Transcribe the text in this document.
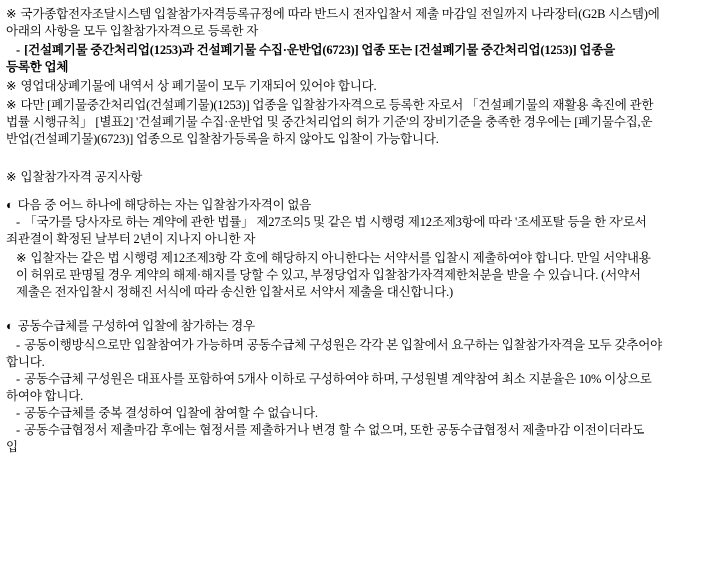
※ 국가종합전자조달시스템 입찰참가자격등록규정에 따라 반드시 전자입찰서 제출 마감일 전일까지 나라장터(G2B 시스템)에
아래의 사항을 모두 입찰참가자격으로 등록한 자
- [건설폐기물 중간처리업(1253)과 건설폐기물 수집·운반업(6723)] 업종 또는 [건설폐기물 중간처리업(1253)] 업종을
등록한 업체
※ 영업대상폐기물에 내역서 상 폐기물이 모두 기재되어 있어야 합니다.
※ 다만 [폐기물중간처리업(건설폐기물)(1253)] 업종을 입찰참가자격으로 등록한 자로서 「건설폐기물의 재활용 촉진에 관한
법률 시행규칙」 [별표2] '건설폐기물 수집·운반업 및 중간처리업의 허가 기준'의 장비기준을 충족한 경우에는 [폐기물수집,운
반업(건설폐기물)(6723)] 업종으로 입찰참가등록을 하지 않아도 입찰이 가능합니다.
※ 입찰참가자격 공지사항
◐ 다음 중 어느 하나에 해당하는 자는 입찰참가자격이 없음
- 「국가를 당사자로 하는 계약에 관한 법률」 제27조의5 및 같은 법 시행령 제12조제3항에 따라 '조세포탈 등을 한 자'로서
죄관결이 확정된 날부터 2년이 지나지 아니한 자
※ 입찰자는 같은 법 시행령 제12조제3항 각 호에 해당하지 아니한다는 서약서를 입찰시 제출하여야 합니다. 만일 서약내용
이 허위로 판명될 경우 계약의 해제·해지를 당할 수 있고, 부정당업자 입찰참가자격제한처분을 받을 수 있습니다. (서약서
제출은 전자입찰시 정해진 서식에 따라 송신한 입찰서로 서약서 제출을 대신합니다.)
◐ 공동수급체를 구성하여 입찰에 참가하는 경우
- 공동이행방식으로만 입찰참여가 가능하며 공동수급체 구성원은 각각 본 입찰에서 요구하는 입찰참가자격을 모두 갖추어야
합니다.
- 공동수급체 구성원은 대표사를 포함하여 5개사 이하로 구성하여야 하며, 구성원별 계약참여 최소 지분율은 10% 이상으로
하여야 합니다.
- 공동수급체를 중복 결성하여 입찰에 참여할 수 없습니다.
- 공동수급협정서 제출마감 후에는 협정서를 제출하거나 변경 할 수 없으며, 또한 공동수급협정서 제출마감 이전이더라도
입
